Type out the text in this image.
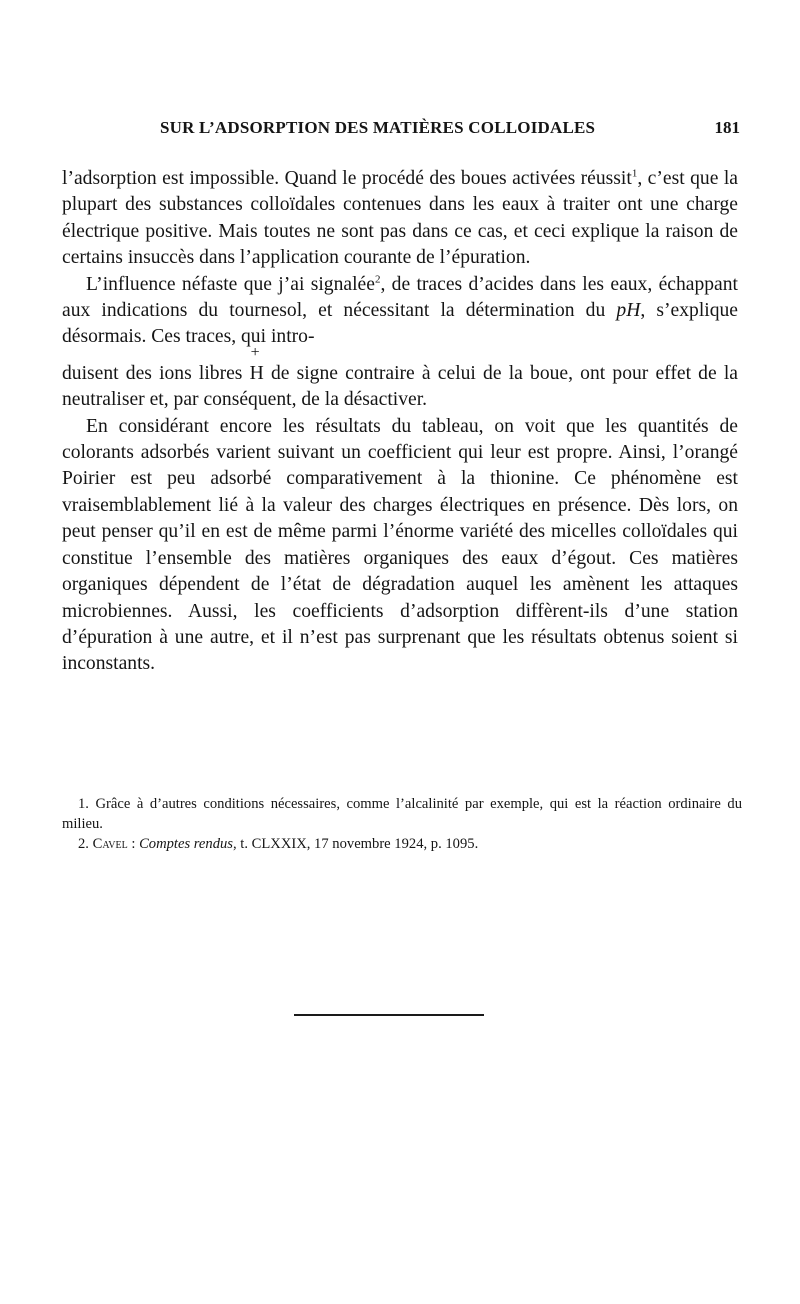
SUR L’ADSORPTION DES MATIÈRES COLLOIDALES	181

l’adsorption est impossible. Quand le procédé des boues activées réussit$^1$, c’est que la plupart des substances colloïdales contenues dans les eaux à traiter ont une charge électrique positive. Mais toutes ne sont pas dans ce cas, et ceci explique la raison de certains insuccès dans l’application courante de l’épuration.

L’influence néfaste que j’ai signalée$^2$, de traces d’acides dans les eaux, échappant aux indications du tournesol, et nécessitant la détermination du pH, s’explique désormais. Ces traces, qui intro-

duisent des ions libres
+
H de signe contraire à celui de la boue, ont pour effet de la neutraliser et, par conséquent, de la désactiver.

En considérant encore les résultats du tableau, on voit que les quantités de colorants adsorbés varient suivant un coefficient qui leur est propre. Ainsi, l’orangé Poirier est peu adsorbé comparativement à la thionine. Ce phénomène est vraisemblablement lié à la valeur des charges électriques en présence. Dès lors, on peut penser qu’il en est de même parmi l’énorme variété des micelles colloïdales qui constitue l’ensemble des matières organiques des eaux d’égout. Ces matières organiques dépendent de l’état de dégradation auquel les amènent les attaques microbiennes. Aussi, les coefficients d’adsorption diffèrent-ils d’une station d’épuration à une autre, et il n’est pas surprenant que les résultats obtenus soient si inconstants.

1. Grâce à d’autres conditions nécessaires, comme l’alcalinité par exemple, qui est la réaction ordinaire du milieu.

2. Cavel : Comptes rendus, t. CLXXIX, 17 novembre 1924, p. 1095.
